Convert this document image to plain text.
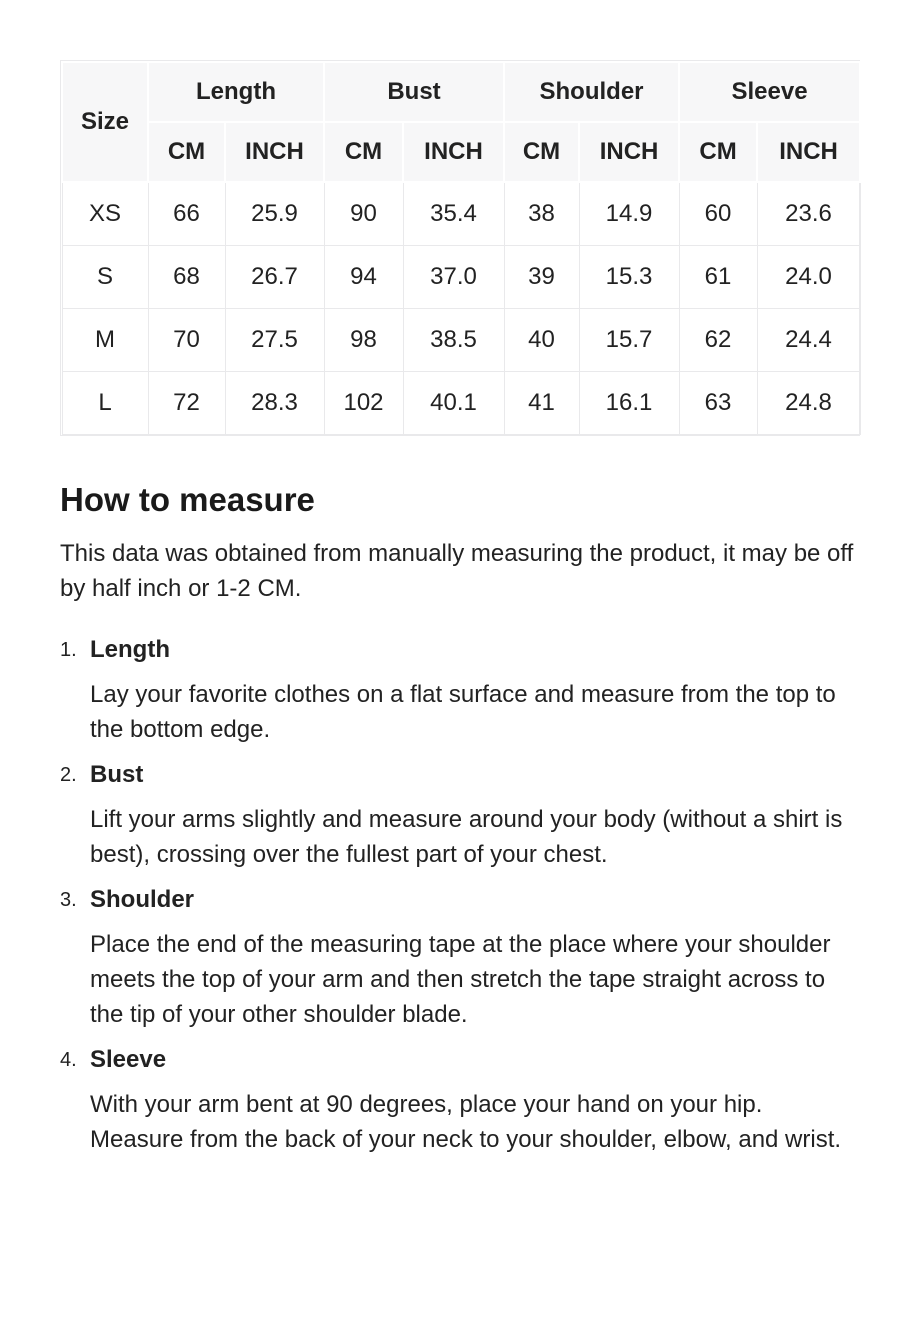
Size	Length		Bust		Shoulder		Sleeve	
	CM	INCH	CM	INCH	CM	INCH	CM	INCH
XS	66	25.9	90	35.4	38	14.9	60	23.6
S	68	26.7	94	37.0	39	15.3	61	24.0
M	70	27.5	98	38.5	40	15.7	62	24.4
L	72	28.3	102	40.1	41	16.1	63	24.8
How to measure

This data was obtained from manually measuring the product, it may be off by half inch or 1-2 CM.

1. Length

Lay your favorite clothes on a flat surface and measure from the top to the bottom edge.

2. Bust

Lift your arms slightly and measure around your body (without a shirt is best), crossing over the fullest part of your chest.

3. Shoulder

Place the end of the measuring tape at the place where your shoulder meets the top of your arm and then stretch the tape straight across to the tip of your other shoulder blade.

4. Sleeve

With your arm bent at 90 degrees, place your hand on your hip. Measure from the back of your neck to your shoulder, elbow, and wrist.
